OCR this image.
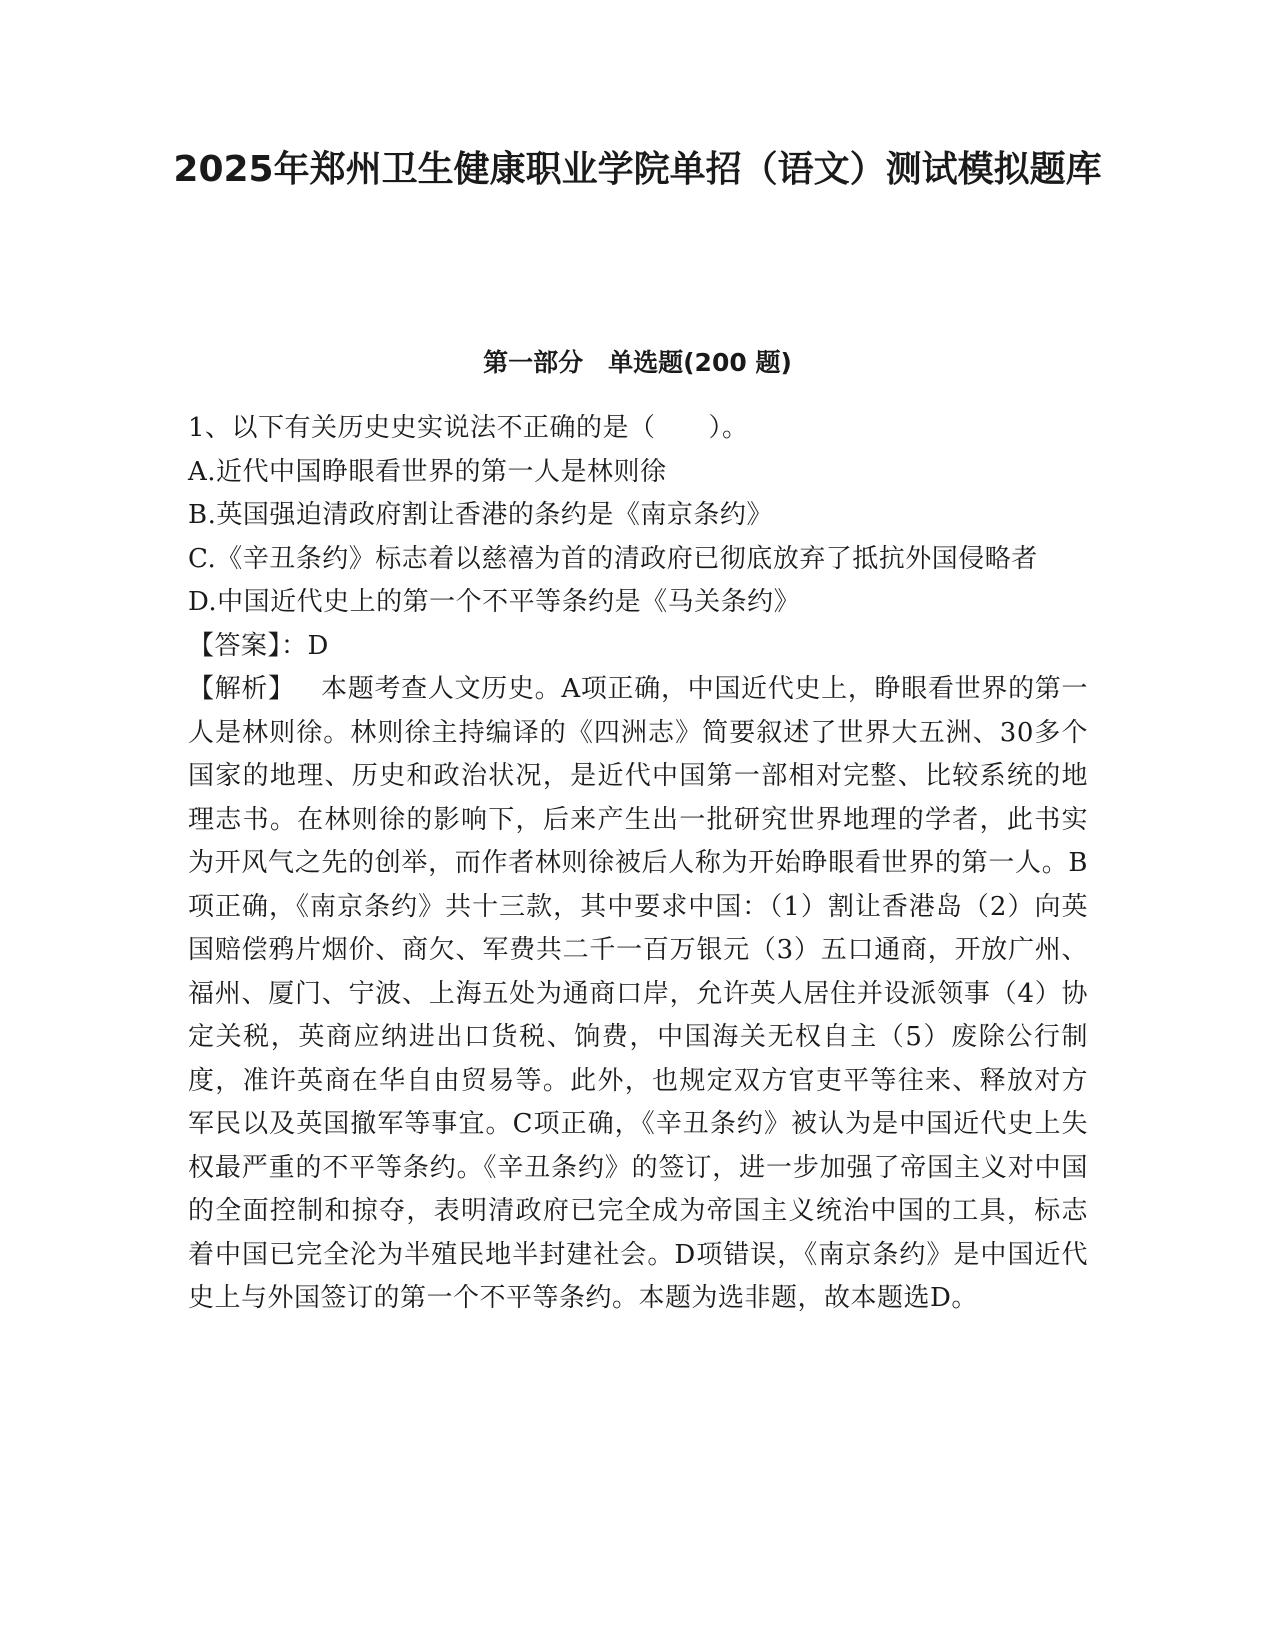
2025年郑州卫生健康职业学院单招（语文）测试模拟题库
第一部分　单选题(200 题)

1、以下有关历史史实说法不正确的是（　　）。

A.近代中国睁眼看世界的第一人是林则徐

B.英国强迫清政府割让香港的条约是《南京条约》

C.《辛丑条约》标志着以慈禧为首的清政府已彻底放弃了抵抗外国侵略者

D.中国近代史上的第一个不平等条约是《马关条约》

【答案】：D

【解析】 本题考查人文历史。A项正确，中国近代史上，睁眼看世界的第一人是林则徐。林则徐主持编译的《四洲志》简要叙述了世界大五洲、30多个国家的地理、历史和政治状况，是近代中国第一部相对完整、比较系统的地理志书。在林则徐的影响下，后来产生出一批研究世界地理的学者，此书实为开风气之先的创举，而作者林则徐被后人称为开始睁眼看世界的第一人。B项正确，《南京条约》共十三款，其中要求中国：（1）割让香港岛（2）向英国赔偿鸦片烟价、商欠、军费共二千一百万银元（3）五口通商，开放广州、福州、厦门、宁波、上海五处为通商口岸，允许英人居住并设派领事（4）协定关税，英商应纳进出口货税、饷费，中国海关无权自主（5）废除公行制度，准许英商在华自由贸易等。此外，也规定双方官吏平等往来、释放对方军民以及英国撤军等事宜。C项正确，《辛丑条约》被认为是中国近代史上失权最严重的不平等条约。《辛丑条约》的签订，进一步加强了帝国主义对中国的全面控制和掠夺，表明清政府已完全成为帝国主义统治中国的工具，标志着中国已完全沦为半殖民地半封建社会。D项错误，《南京条约》是中国近代史上与外国签订的第一个不平等条约。本题为选非题，故本题选D。
